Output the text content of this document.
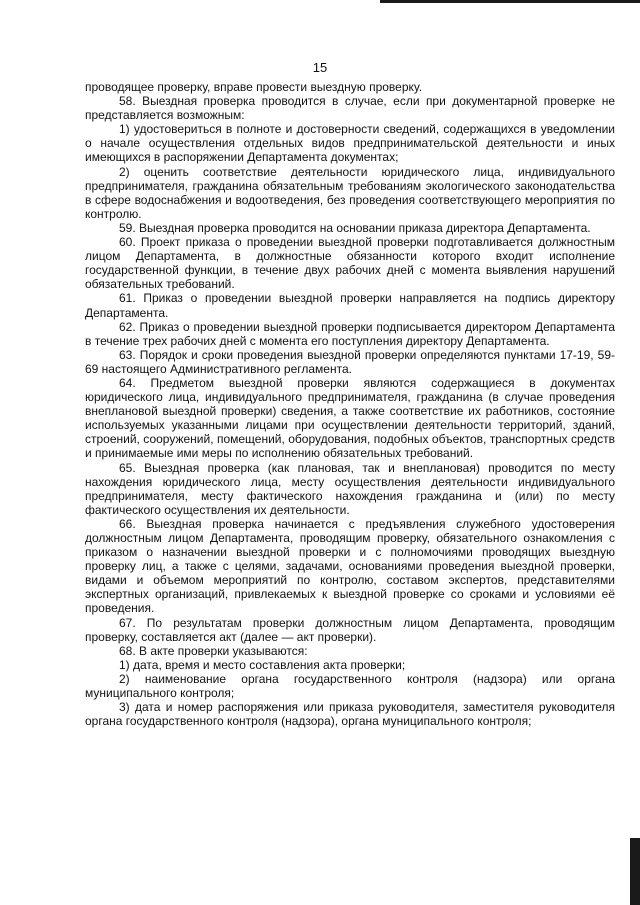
15

проводящее проверку, вправе провести выездную проверку.

58. Выездная проверка проводится в случае, если при документарной проверке не представляется возможным:

1) удостовериться в полноте и достоверности сведений, содержащихся в уведомлении о начале осуществления отдельных видов предпринимательской деятельности и иных имеющихся в распоряжении Департамента документах;

2) оценить соответствие деятельности юридического лица, индивидуального предпринимателя, гражданина обязательным требованиям экологического законодательства в сфере водоснабжения и водоотведения, без проведения соответствующего мероприятия по контролю.

59. Выездная проверка проводится на основании приказа директора Департамента.

60. Проект приказа о проведении выездной проверки подготавливается должностным лицом Департамента, в должностные обязанности которого входит исполнение государственной функции, в течение двух рабочих дней с момента выявления нарушений обязательных требований.

61. Приказ о проведении выездной проверки направляется на подпись директору Департамента.

62. Приказ о проведении выездной проверки подписывается директором Департамента в течение трех рабочих дней с момента его поступления директору Департамента.

63. Порядок и сроки проведения выездной проверки определяются пунктами 17-19, 59-69 настоящего Административного регламента.

64. Предметом выездной проверки являются содержащиеся в документах юридического лица, индивидуального предпринимателя, гражданина (в случае проведения внеплановой выездной проверки) сведения, а также соответствие их работников, состояние используемых указанными лицами при осуществлении деятельности территорий, зданий, строений, сооружений, помещений, оборудования, подобных объектов, транспортных средств и принимаемые ими меры по исполнению обязательных требований.

65. Выездная проверка (как плановая, так и внеплановая) проводится по месту нахождения юридического лица, месту осуществления деятельности индивидуального предпринимателя, месту фактического нахождения гражданина и (или) по месту фактического осуществления их деятельности.

66. Выездная проверка начинается с предъявления служебного удостоверения должностным лицом Департамента, проводящим проверку, обязательного ознакомления с приказом о назначении выездной проверки и с полномочиями проводящих выездную проверку лиц, а также с целями, задачами, основаниями проведения выездной проверки, видами и объемом мероприятий по контролю, составом экспертов, представителями экспертных организаций, привлекаемых к выездной проверке со сроками и условиями её проведения.

67. По результатам проверки должностным лицом Департамента, проводящим проверку, составляется акт (далее — акт проверки).

68. В акте проверки указываются:

1) дата, время и место составления акта проверки;

2) наименование органа государственного контроля (надзора) или органа муниципального контроля;

3) дата и номер распоряжения или приказа руководителя, заместителя руководителя органа государственного контроля (надзора), органа муниципального контроля;
